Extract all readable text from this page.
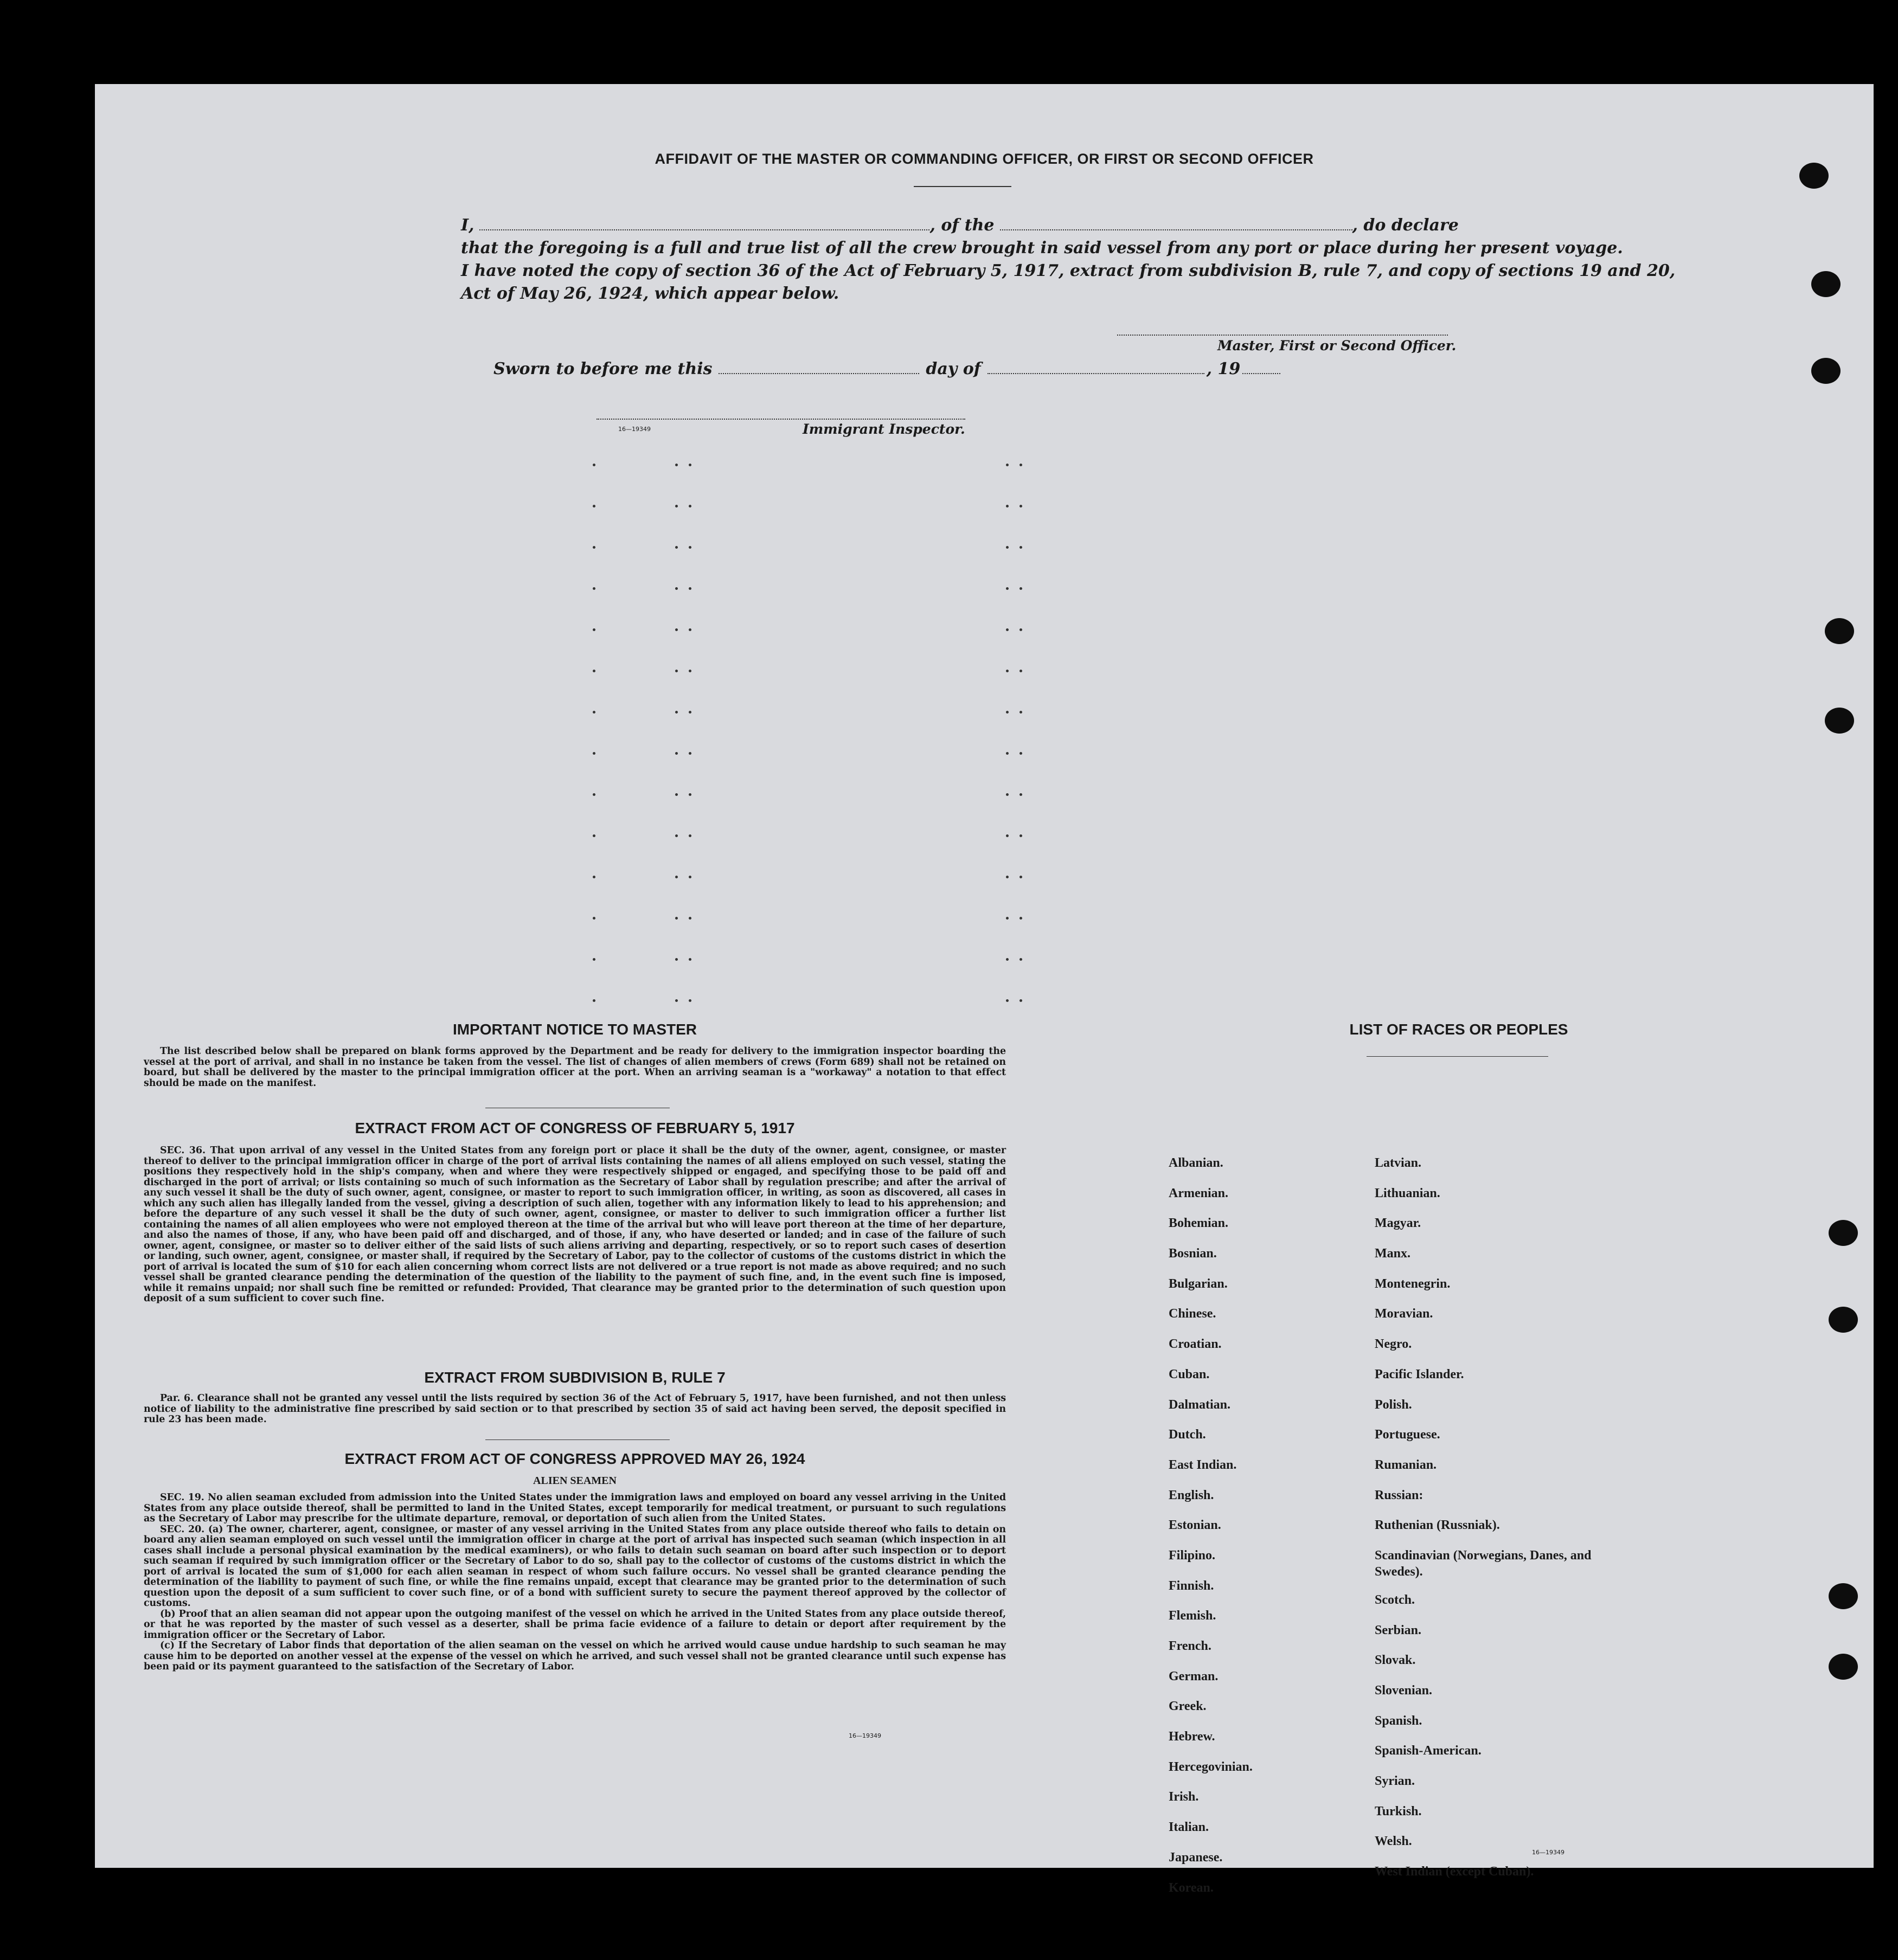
AFFIDAVIT OF THE MASTER OR COMMANDING OFFICER, OR FIRST OR SECOND OFFICER
I,	, of the	, do declare
that the foregoing is a full and true list of all the crew brought in said vessel from any port or place during her present voyage.
I have noted the copy of section 36 of the Act of February 5, 1917, extract from subdivision B, rule 7, and copy of sections 19 and 20,
Act of May 26, 1924, which appear below.
Master, First or Second Officer.
Sworn to before me this	day of	, 19
16—19349	Immigrant Inspector.
IMPORTANT NOTICE TO MASTER

The list described below shall be prepared on blank forms approved by the Department and be ready for delivery to the immigration inspector boarding the vessel at the port of arrival, and shall in no instance be taken from the vessel. The list of changes of alien members of crews (Form 689) shall not be retained on board, but shall be delivered by the master to the principal immigration officer at the port. When an arriving seaman is a "workaway" a notation to that effect should be made on the manifest.

EXTRACT FROM ACT OF CONGRESS OF FEBRUARY 5, 1917

SEC. 36. That upon arrival of any vessel in the United States from any foreign port or place it shall be the duty of the owner, agent, consignee, or master thereof to deliver to the principal immigration officer in charge of the port of arrival lists containing the names of all aliens employed on such vessel, stating the positions they respectively hold in the ship's company, when and where they were respectively shipped or engaged, and specifying those to be paid off and discharged in the port of arrival; or lists containing so much of such information as the Secretary of Labor shall by regulation prescribe; and after the arrival of any such vessel it shall be the duty of such owner, agent, consignee, or master to report to such immigration officer, in writing, as soon as discovered, all cases in which any such alien has illegally landed from the vessel, giving a description of such alien, together with any information likely to lead to his apprehension; and before the departure of any such vessel it shall be the duty of such owner, agent, consignee, or master to deliver to such immigration officer a further list containing the names of all alien employees who were not employed thereon at the time of the arrival but who will leave port thereon at the time of her departure, and also the names of those, if any, who have been paid off and discharged, and of those, if any, who have deserted or landed; and in case of the failure of such owner, agent, consignee, or master so to deliver either of the said lists of such aliens arriving and departing, respectively, or so to report such cases of desertion or landing, such owner, agent, consignee, or master shall, if required by the Secretary of Labor, pay to the collector of customs of the customs district in which the port of arrival is located the sum of $10 for each alien concerning whom correct lists are not delivered or a true report is not made as above required; and no such vessel shall be granted clearance pending the determination of the question of the liability to the payment of such fine, and, in the event such fine is imposed, while it remains unpaid; nor shall such fine be remitted or refunded: Provided, That clearance may be granted prior to the determination of such question upon deposit of a sum sufficient to cover such fine.

EXTRACT FROM SUBDIVISION B, RULE 7

Par. 6. Clearance shall not be granted any vessel until the lists required by section 36 of the Act of February 5, 1917, have been furnished, and not then unless notice of liability to the administrative fine prescribed by said section or to that prescribed by section 35 of said act having been served, the deposit specified in rule 23 has been made.

EXTRACT FROM ACT OF CONGRESS APPROVED MAY 26, 1924
ALIEN SEAMEN

SEC. 19. No alien seaman excluded from admission into the United States under the immigration laws and employed on board any vessel arriving in the United States from any place outside thereof, shall be permitted to land in the United States, except temporarily for medical treatment, or pursuant to such regulations as the Secretary of Labor may prescribe for the ultimate departure, removal, or deportation of such alien from the United States.

SEC. 20. (a) The owner, charterer, agent, consignee, or master of any vessel arriving in the United States from any place outside thereof who fails to detain on board any alien seaman employed on such vessel until the immigration officer in charge at the port of arrival has inspected such seaman (which inspection in all cases shall include a personal physical examination by the medical examiners), or who fails to detain such seaman on board after such inspection or to deport such seaman if required by such immigration officer or the Secretary of Labor to do so, shall pay to the collector of customs of the customs district in which the port of arrival is located the sum of $1,000 for each alien seaman in respect of whom such failure occurs. No vessel shall be granted clearance pending the determination of the liability to payment of such fine, or while the fine remains unpaid, except that clearance may be granted prior to the determination of such question upon the deposit of a sum sufficient to cover such fine, or of a bond with sufficient surety to secure the payment thereof approved by the collector of customs.

(b) Proof that an alien seaman did not appear upon the outgoing manifest of the vessel on which he arrived in the United States from any place outside thereof, or that he was reported by the master of such vessel as a deserter, shall be prima facie evidence of a failure to detain or deport after requirement by the immigration officer or the Secretary of Labor.

(c) If the Secretary of Labor finds that deportation of the alien seaman on the vessel on which he arrived would cause undue hardship to such seaman he may cause him to be deported on another vessel at the expense of the vessel on which he arrived, and such vessel shall not be granted clearance until such expense has been paid or its payment guaranteed to the satisfaction of the Secretary of Labor.

16—19349
LIST OF RACES OR PEOPLES
Albanian.
Armenian.
Bohemian.
Bosnian.
Bulgarian.
Chinese.
Croatian.
Cuban.
Dalmatian.
Dutch.
East Indian.
English.
Estonian.
Filipino.
Finnish.
Flemish.
French.
German.
Greek.
Hebrew.
Hercegovinian.
Irish.
Italian.
Japanese.
Korean.
Latvian.
Lithuanian.
Magyar.
Manx.
Montenegrin.
Moravian.
Negro.
Pacific Islander.
Polish.
Portuguese.
Rumanian.
Russian:
Ruthenian (Russniak).
Scandinavian (Norwegians, Danes, and Swedes).
Scotch.
Serbian.
Slovak.
Slovenian.
Spanish.
Spanish-American.
Syrian.
Turkish.
Welsh.
West Indian (except Cuban).
16—19349
